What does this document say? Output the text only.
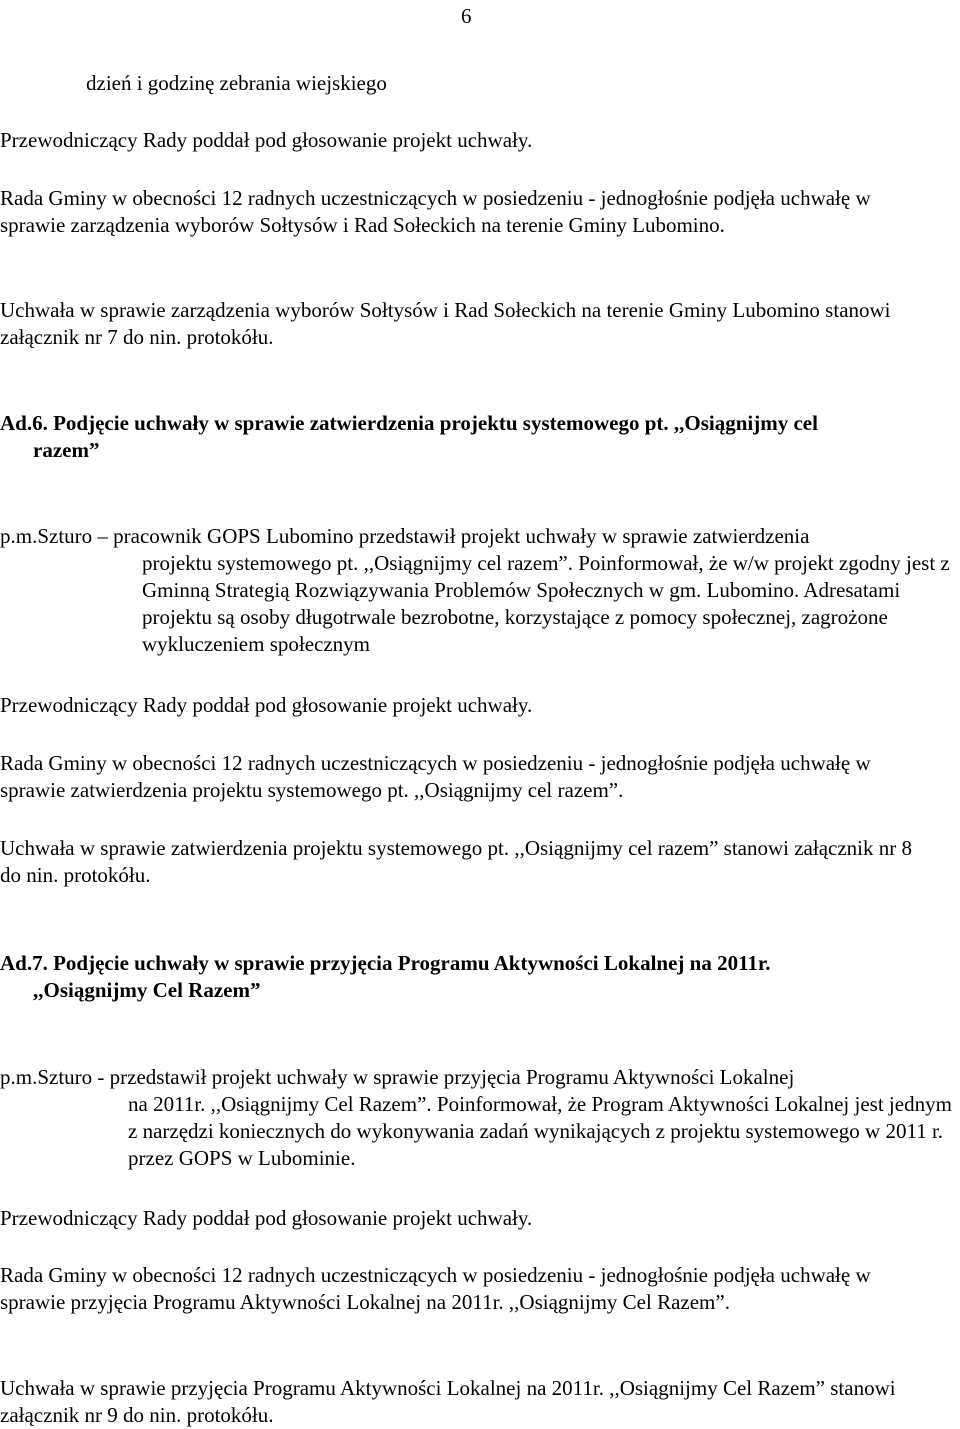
6

dzień i godzinę zebrania wiejskiego

Przewodniczący Rady poddał pod głosowanie projekt uchwały.

Rada Gminy w obecności 12 radnych uczestniczących w posiedzeniu - jednogłośnie podjęła uchwałę w sprawie zarządzenia wyborów Sołtysów i Rad Sołeckich na terenie Gminy Lubomino.

Uchwała w sprawie zarządzenia wyborów Sołtysów i Rad Sołeckich na terenie Gminy Lubomino stanowi załącznik nr 7 do nin. protokółu.

Ad.6. Podjęcie uchwały w sprawie zatwierdzenia projektu systemowego pt. ,,Osiągnijmy cel
razem”
p.m.Szturo – pracownik GOPS Lubomino przedstawił projekt uchwały w sprawie zatwierdzenia
projektu systemowego pt. ,,Osiągnijmy cel razem”. Poinformował, że w/w projekt zgodny jest z Gminną Strategią Rozwiązywania Problemów Społecznych w gm. Lubomino. Adresatami projektu są osoby długotrwale bezrobotne, korzystające z pomocy społecznej, zagrożone wykluczeniem społecznym

Przewodniczący Rady poddał pod głosowanie projekt uchwały.

Rada Gminy w obecności 12 radnych uczestniczących w posiedzeniu - jednogłośnie podjęła uchwałę w sprawie zatwierdzenia projektu systemowego pt. ,,Osiągnijmy cel razem”.

Uchwała w sprawie zatwierdzenia projektu systemowego pt. ,,Osiągnijmy cel razem” stanowi załącznik nr 8 do nin. protokółu.

Ad.7. Podjęcie uchwały w sprawie przyjęcia Programu Aktywności Lokalnej na 2011r.
,,Osiągnijmy Cel Razem”
p.m.Szturo - przedstawił projekt uchwały w sprawie przyjęcia Programu Aktywności Lokalnej
na 2011r. ,,Osiągnijmy Cel Razem”. Poinformował, że Program Aktywności Lokalnej jest jednym z narzędzi koniecznych do wykonywania zadań wynikających z projektu systemowego w 2011 r. przez GOPS w Lubominie.

Przewodniczący Rady poddał pod głosowanie projekt uchwały.

Rada Gminy w obecności 12 radnych uczestniczących w posiedzeniu - jednogłośnie podjęła uchwałę w sprawie przyjęcia Programu Aktywności Lokalnej na 2011r. ,,Osiągnijmy Cel Razem”.

Uchwała w sprawie przyjęcia Programu Aktywności Lokalnej na 2011r. ,,Osiągnijmy Cel Razem” stanowi załącznik nr 9 do nin. protokółu.
